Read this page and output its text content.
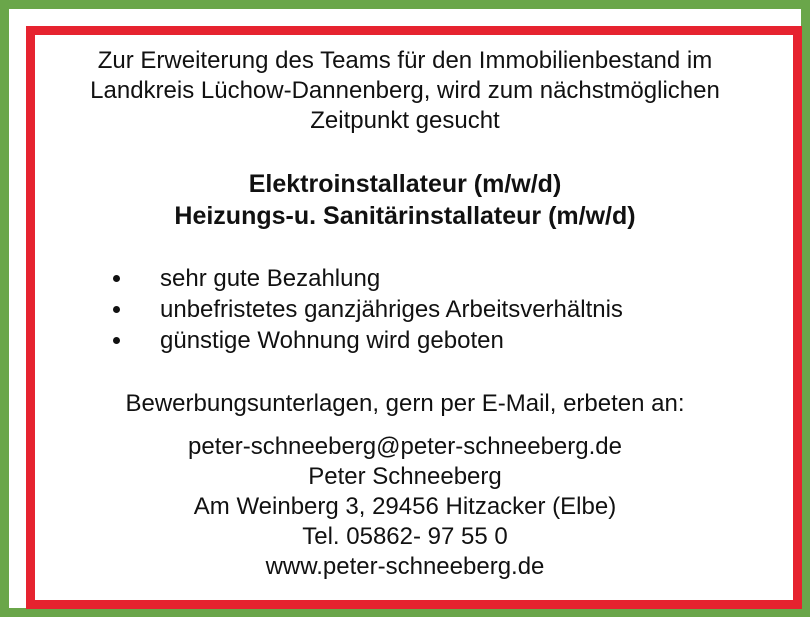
Zur Erweiterung des Teams für den Immobilienbestand im
Landkreis Lüchow-Dannenberg, wird zum nächstmöglichen
Zeitpunkt gesucht

Elektroinstallateur (m/w/d)
Heizungs-u. Sanitärinstallateur (m/w/d)
sehr gute Bezahlung
unbefristetes ganzjähriges Arbeitsverhältnis
günstige Wohnung wird geboten
Bewerbungsunterlagen, gern per E-Mail, erbeten an:
peter-schneeberg@peter-schneeberg.de
Peter Schneeberg
Am Weinberg 3, 29456 Hitzacker (Elbe)
Tel. 05862- 97 55 0
www.peter-schneeberg.de
